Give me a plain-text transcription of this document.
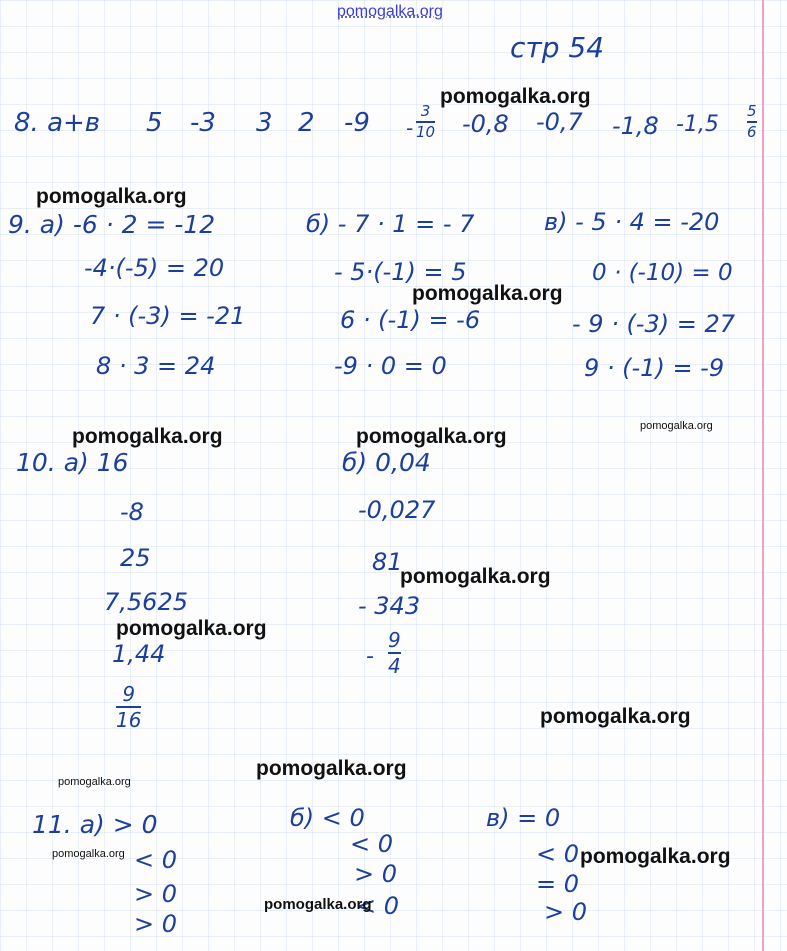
pomogalka.org
стр 54
8. а+в 5 -3 3 2 -9 -
3
10 -0,8 -0,7 -1,8 -1,5
5
6
9. а) -6 · 2 = -12
-4·(-5) = 20
7 · (-3) = -21
8 · 3 = 24
б) - 7 · 1 = - 7
- 5·(-1) = 5
6 · (-1) = -6
-9 · 0 = 0
в) - 5 · 4 = -20
0 · (-10) = 0
- 9 · (-3) = 27
9 · (-1) = -9
10. а) 16
-8
25
7,5625
1,44
9
16
б) 0,04
-0,027
81
- 343
-
9
4
11. а) > 0
< 0
> 0
> 0
б) < 0
< 0
> 0
< 0
в) = 0
< 0
= 0
> 0
pomogalka.org
pomogalka.org
pomogalka.org
pomogalka.org	pomogalka.org	pomogalka.org
pomogalka.org
pomogalka.org
pomogalka.org
pomogalka.org
pomogalka.org
pomogalka.org	pomogalka.org
pomogalka.org
